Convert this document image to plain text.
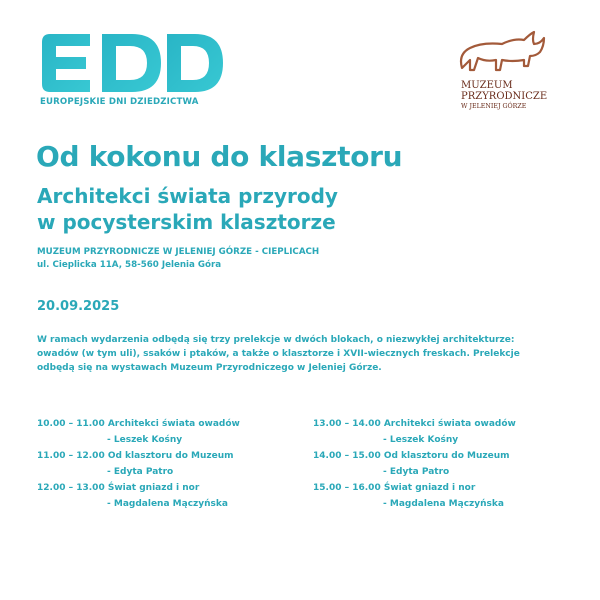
EUROPEJSKIE DNI DZIEDZICTWA
MUZEUM
PRZYRODNICZE
W JELENIEJ GÓRZE
Od kokonu do klasztoru
Architekci świata przyrody
w pocysterskim klasztorze
MUZEUM PRZYRODNICZE W JELENIEJ GÓRZE - CIEPLICACH
ul. Cieplicka 11A, 58-560 Jelenia Góra
20.09.2025
W ramach wydarzenia odbędą się trzy prelekcje w dwóch blokach, o niezwykłej architekturze: owadów (w tym uli), ssaków i ptaków, a także o klasztorze i XVII-wiecznych freskach. Prelekcje odbędą się na wystawach Muzeum Przyrodniczego w Jeleniej Górze.
10.00 – 11.00 Architekci świata owadów
- Leszek Kośny
11.00 – 12.00 Od klasztoru do Muzeum
- Edyta Patro
12.00 – 13.00 Świat gniazd i nor
- Magdalena Mączyńska
13.00 – 14.00 Architekci świata owadów
- Leszek Kośny
14.00 – 15.00 Od klasztoru do Muzeum
- Edyta Patro
15.00 – 16.00 Świat gniazd i nor
- Magdalena Mączyńska
